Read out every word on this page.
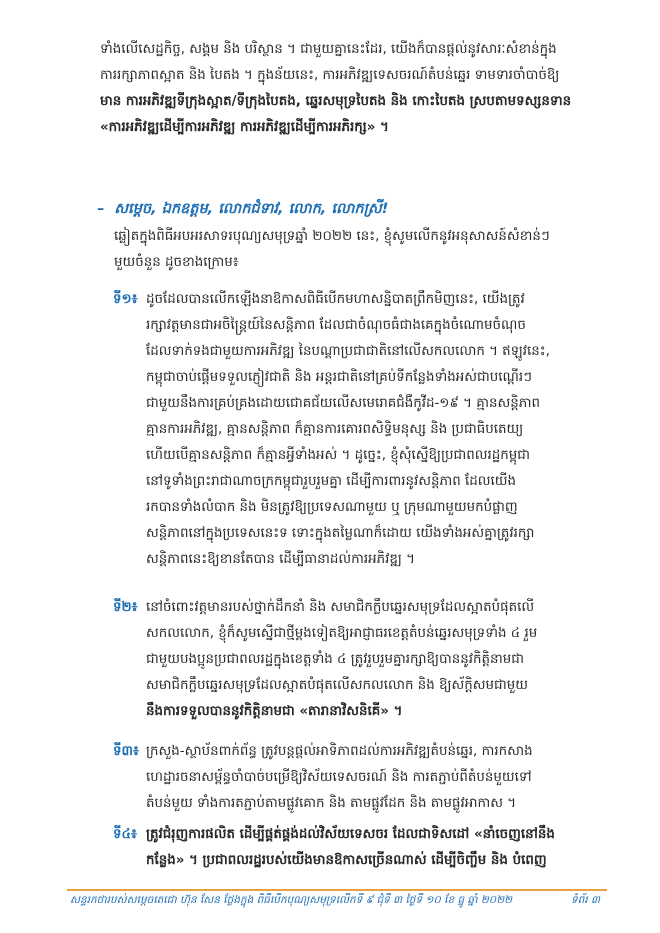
ទាំងលើសេដ្ឋកិច្ច, សង្គម និង បរិស្ថាន ។ ជាមួយគ្នានេះដែរ, យើងក៏បានផ្ដល់នូវសារៈសំខាន់ក្នុង
ការរក្សាភាពស្អាត និង បៃតង ។ ក្នុងន័យនេះ, ការអភិវឌ្ឍទេសចរណ៍តំបន់ឆ្នេរ ទាមទារចាំបាច់ឱ្យ
មាន ការអភិវឌ្ឍទីក្រុងស្អាត/ទីក្រុងបៃតង, ឆ្នេរសមុទ្របៃតង និង កោះបៃតង ស្របតាមទស្សនទាន
«ការអភិវឌ្ឍដើម្បីការអភិវឌ្ឍ ការអភិវឌ្ឍដើម្បីការអភិរក្ស» ។
– សម្ដេច, ឯកឧត្តម, លោកជំទាវ, លោក, លោកស្រី!
ឆ្លៀតក្នុងពិធីអបអរសាទរបុណ្យសមុទ្រឆ្នាំ ២០២២ នេះ, ខ្ញុំសូមលើកនូវអនុសាសន៍សំខាន់ៗ
មួយចំនួន ដូចខាងក្រោម៖
ទី១៖ ដូចដែលបានលើកឡើងនាឱកាសពិធីបើកមហាសន្និបាតព្រឹកមិញនេះ, យើងត្រូវ
រក្សាវត្តមានជាអចិន្ត្រៃយ៍នៃសន្តិភាព ដែលជាចំណុចធំជាងគេក្នុងចំណោមចំណុច
ដែលទាក់ទងជាមួយការអភិវឌ្ឍ នៃបណ្ដាប្រជាជាតិនៅលើសកលលោក ។ ឥឡូវនេះ,
កម្ពុជាចាប់ផ្ដើមទទួលភ្ញៀវជាតិ និង អន្តរជាតិនៅគ្រប់ទីកន្លែងទាំងអស់ជាបណ្ដើរៗ
ជាមួយនឹងការគ្រប់គ្រងដោយជោគជ័យលើសមេរោគជំងឺកូវីដ-១៩ ។ គ្មានសន្តិភាព
គ្មានការអភិវឌ្ឍ, គ្មានសន្តិភាព ក៏គ្មានការគោរពសិទ្ធិមនុស្ស និង ប្រជាធិបតេយ្យ
ហើយបើគ្មានសន្តិភាព ក៏គ្មានអ្វីទាំងអស់ ។ ដូច្នេះ, ខ្ញុំសុំស្នើឱ្យប្រជាពលរដ្ឋកម្ពុជា
នៅទូទាំងព្រះរាជាណាចក្រកម្ពុជារួបរួមគ្នា ដើម្បីការពារនូវសន្តិភាព ដែលយើង
រកបានទាំងលំបាក និង មិនត្រូវឱ្យប្រទេសណាមួយ ឬ ក្រុមណាមួយមកបំផ្លាញ
សន្តិភាពនៅក្នុងប្រទេសនេះទ ទោះក្នុងតម្លៃណាក៏ដោយ យើងទាំងអស់គ្នាត្រូវរក្សា
សន្តិភាពនេះឱ្យខានតែបាន ដើម្បីធានាដល់ការអភិវឌ្ឍ ។
ទី២៖ នៅចំពោះវត្តមានរបស់ថ្នាក់ដឹកនាំ និង សមាជិកក្លឹបឆ្នេរសមុទ្រដែលស្អាតបំផុតលើ
សកលលោក, ខ្ញុំក៏សូមស្នើជាថ្មីម្ដងទៀតឱ្យអាជ្ញាធរខេត្តតំបន់ឆ្នេរសមុទ្រទាំង ៤ រួម
ជាមួយបងប្អូនប្រជាពលរដ្ឋក្នុងខេត្តទាំង ៤ ត្រូវរួបរួមគ្នារក្សាឱ្យបាននូវកិត្តិនាមជា
សមាជិកក្លឹបឆ្នេរសមុទ្រដែលស្អាតបំផុតលើសកលលោក និង ឱ្យស័ក្តិសមជាមួយ
នឹងការទទួលបាននូវកិត្តិនាមជា «តារានាវិសនិគើ» ។
ទី៣៖ ក្រសួង-ស្ថាប័នពាក់ព័ន្ធ ត្រូវបន្តផ្ដល់អាទិភាពដល់ការអភិវឌ្ឍតំបន់ឆ្នេរ, ការកសាង
ហេដ្ឋារចនាសម្ព័ន្ធចាំបាច់បម្រើឱ្យវិស័យទេសចរណ៍ និង ការតភ្ជាប់ពីតំបន់មួយទៅ
តំបន់មួយ ទាំងការតភ្ជាប់តាមផ្លូវគោក និង តាមផ្លូវដែក និង តាមផ្លូវអាកាស ។
ទី៤៖ ត្រូវជំរុញការផលិត ដើម្បីផ្គត់ផ្គង់ដល់វិស័យទេសចរ ដែលជាទិសដៅ «នាំចេញនៅនឹង
កន្លែង» ។ ប្រជាពលរដ្ឋរបស់យើងមានឱកាសច្រើនណាស់ ដើម្បីចិញ្ចឹម និង បំពេញ
សន្ទរកថារបស់សម្ដេចតេជោ ហ៊ុន សែន ថ្លែងក្នុង ពិធីបើកបុណ្យសមុទ្រលើកទី ៩ ជុំទី ៣ ថ្ងៃទី ១០ ខែ ធ្នូ ឆ្នាំ ២០២២	ទំព័រ ៣
